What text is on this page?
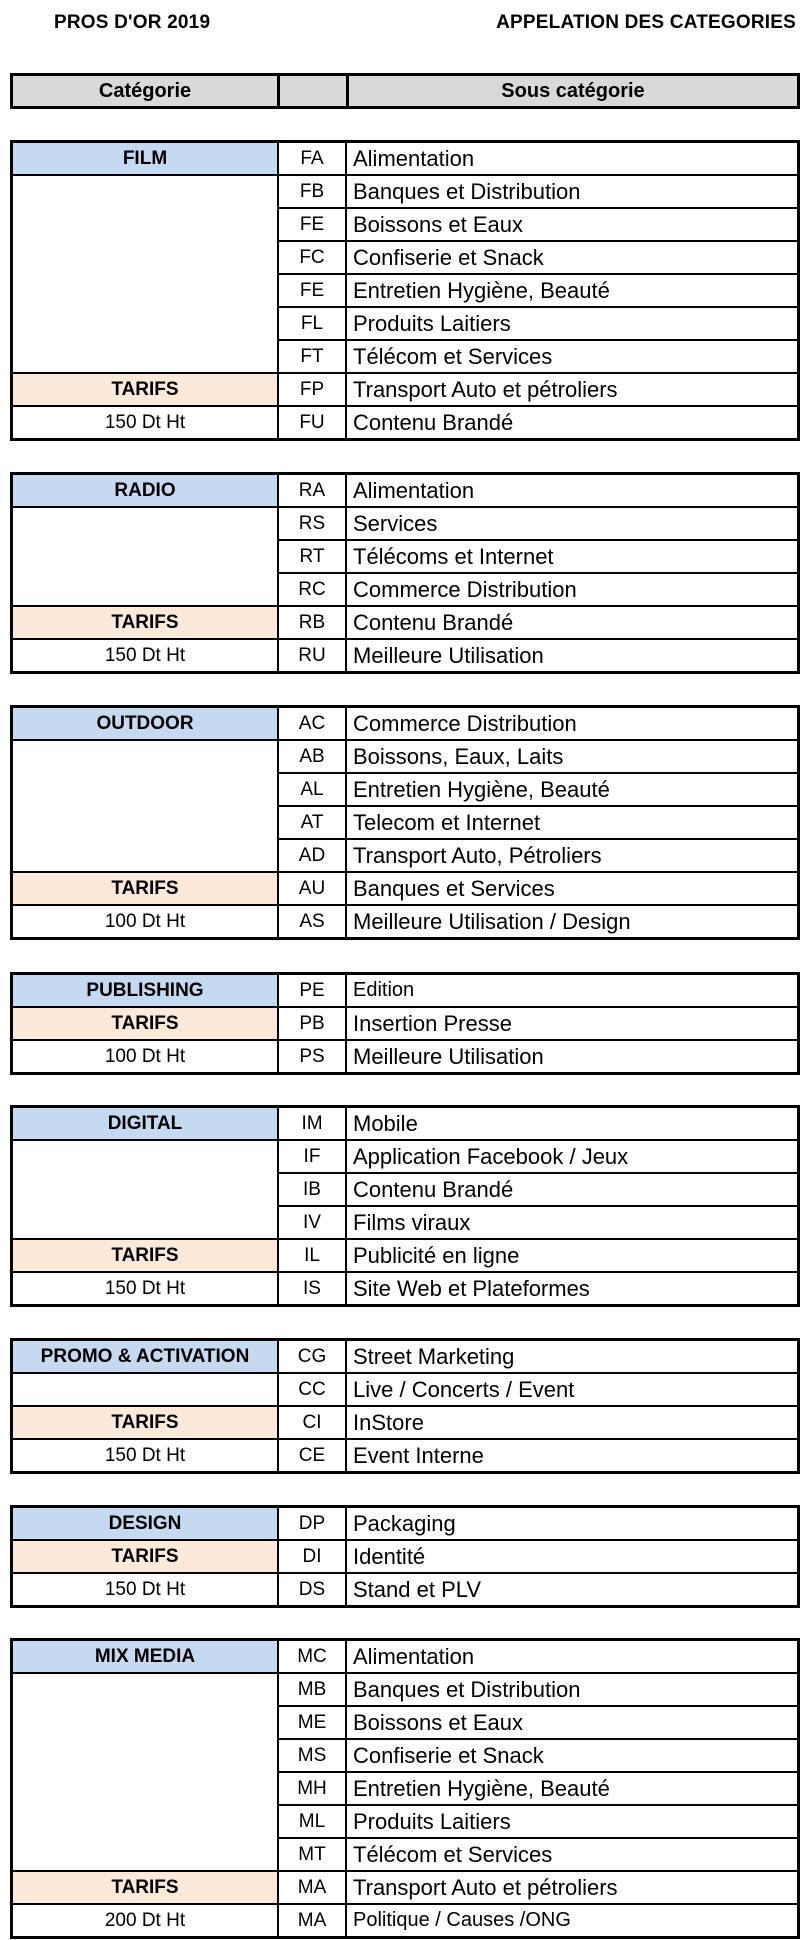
PROS D'OR 2019	APPELATION DES CATEGORIES
Catégorie		Sous catégorie
FILM	FA	Alimentation
	FB	Banques et Distribution
	FE	Boissons et Eaux
	FC	Confiserie et Snack
	FE	Entretien Hygiène, Beauté
	FL	Produits Laitiers
	FT	Télécom et Services
TARIFS	FP	Transport Auto et pétroliers
150 Dt Ht	FU	Contenu Brandé
RADIO	RA	Alimentation
	RS	Services
	RT	Télécoms et Internet
	RC	Commerce Distribution
TARIFS	RB	Contenu Brandé
150 Dt Ht	RU	Meilleure Utilisation
OUTDOOR	AC	Commerce Distribution
	AB	Boissons, Eaux, Laits
	AL	Entretien Hygiène, Beauté
	AT	Telecom et Internet
	AD	Transport Auto, Pétroliers
TARIFS	AU	Banques et Services
100 Dt Ht	AS	Meilleure Utilisation / Design
PUBLISHING	PE	Edition
TARIFS	PB	Insertion Presse
100 Dt Ht	PS	Meilleure Utilisation
DIGITAL	IM	Mobile
	IF	Application Facebook / Jeux
	IB	Contenu Brandé
	IV	Films viraux
TARIFS	IL	Publicité en ligne
150 Dt Ht	IS	Site Web et Plateformes
PROMO & ACTIVATION	CG	Street Marketing
	CC	Live / Concerts / Event
TARIFS	CI	InStore
150 Dt Ht	CE	Event Interne
DESIGN	DP	Packaging
TARIFS	DI	Identité
150 Dt Ht	DS	Stand et PLV
MIX MEDIA	MC	Alimentation
	MB	Banques et Distribution
	ME	Boissons et Eaux
	MS	Confiserie et Snack
	MH	Entretien Hygiène, Beauté
	ML	Produits Laitiers
	MT	Télécom et Services
TARIFS	MA	Transport Auto et pétroliers
200 Dt Ht	MA	Politique / Causes /ONG
